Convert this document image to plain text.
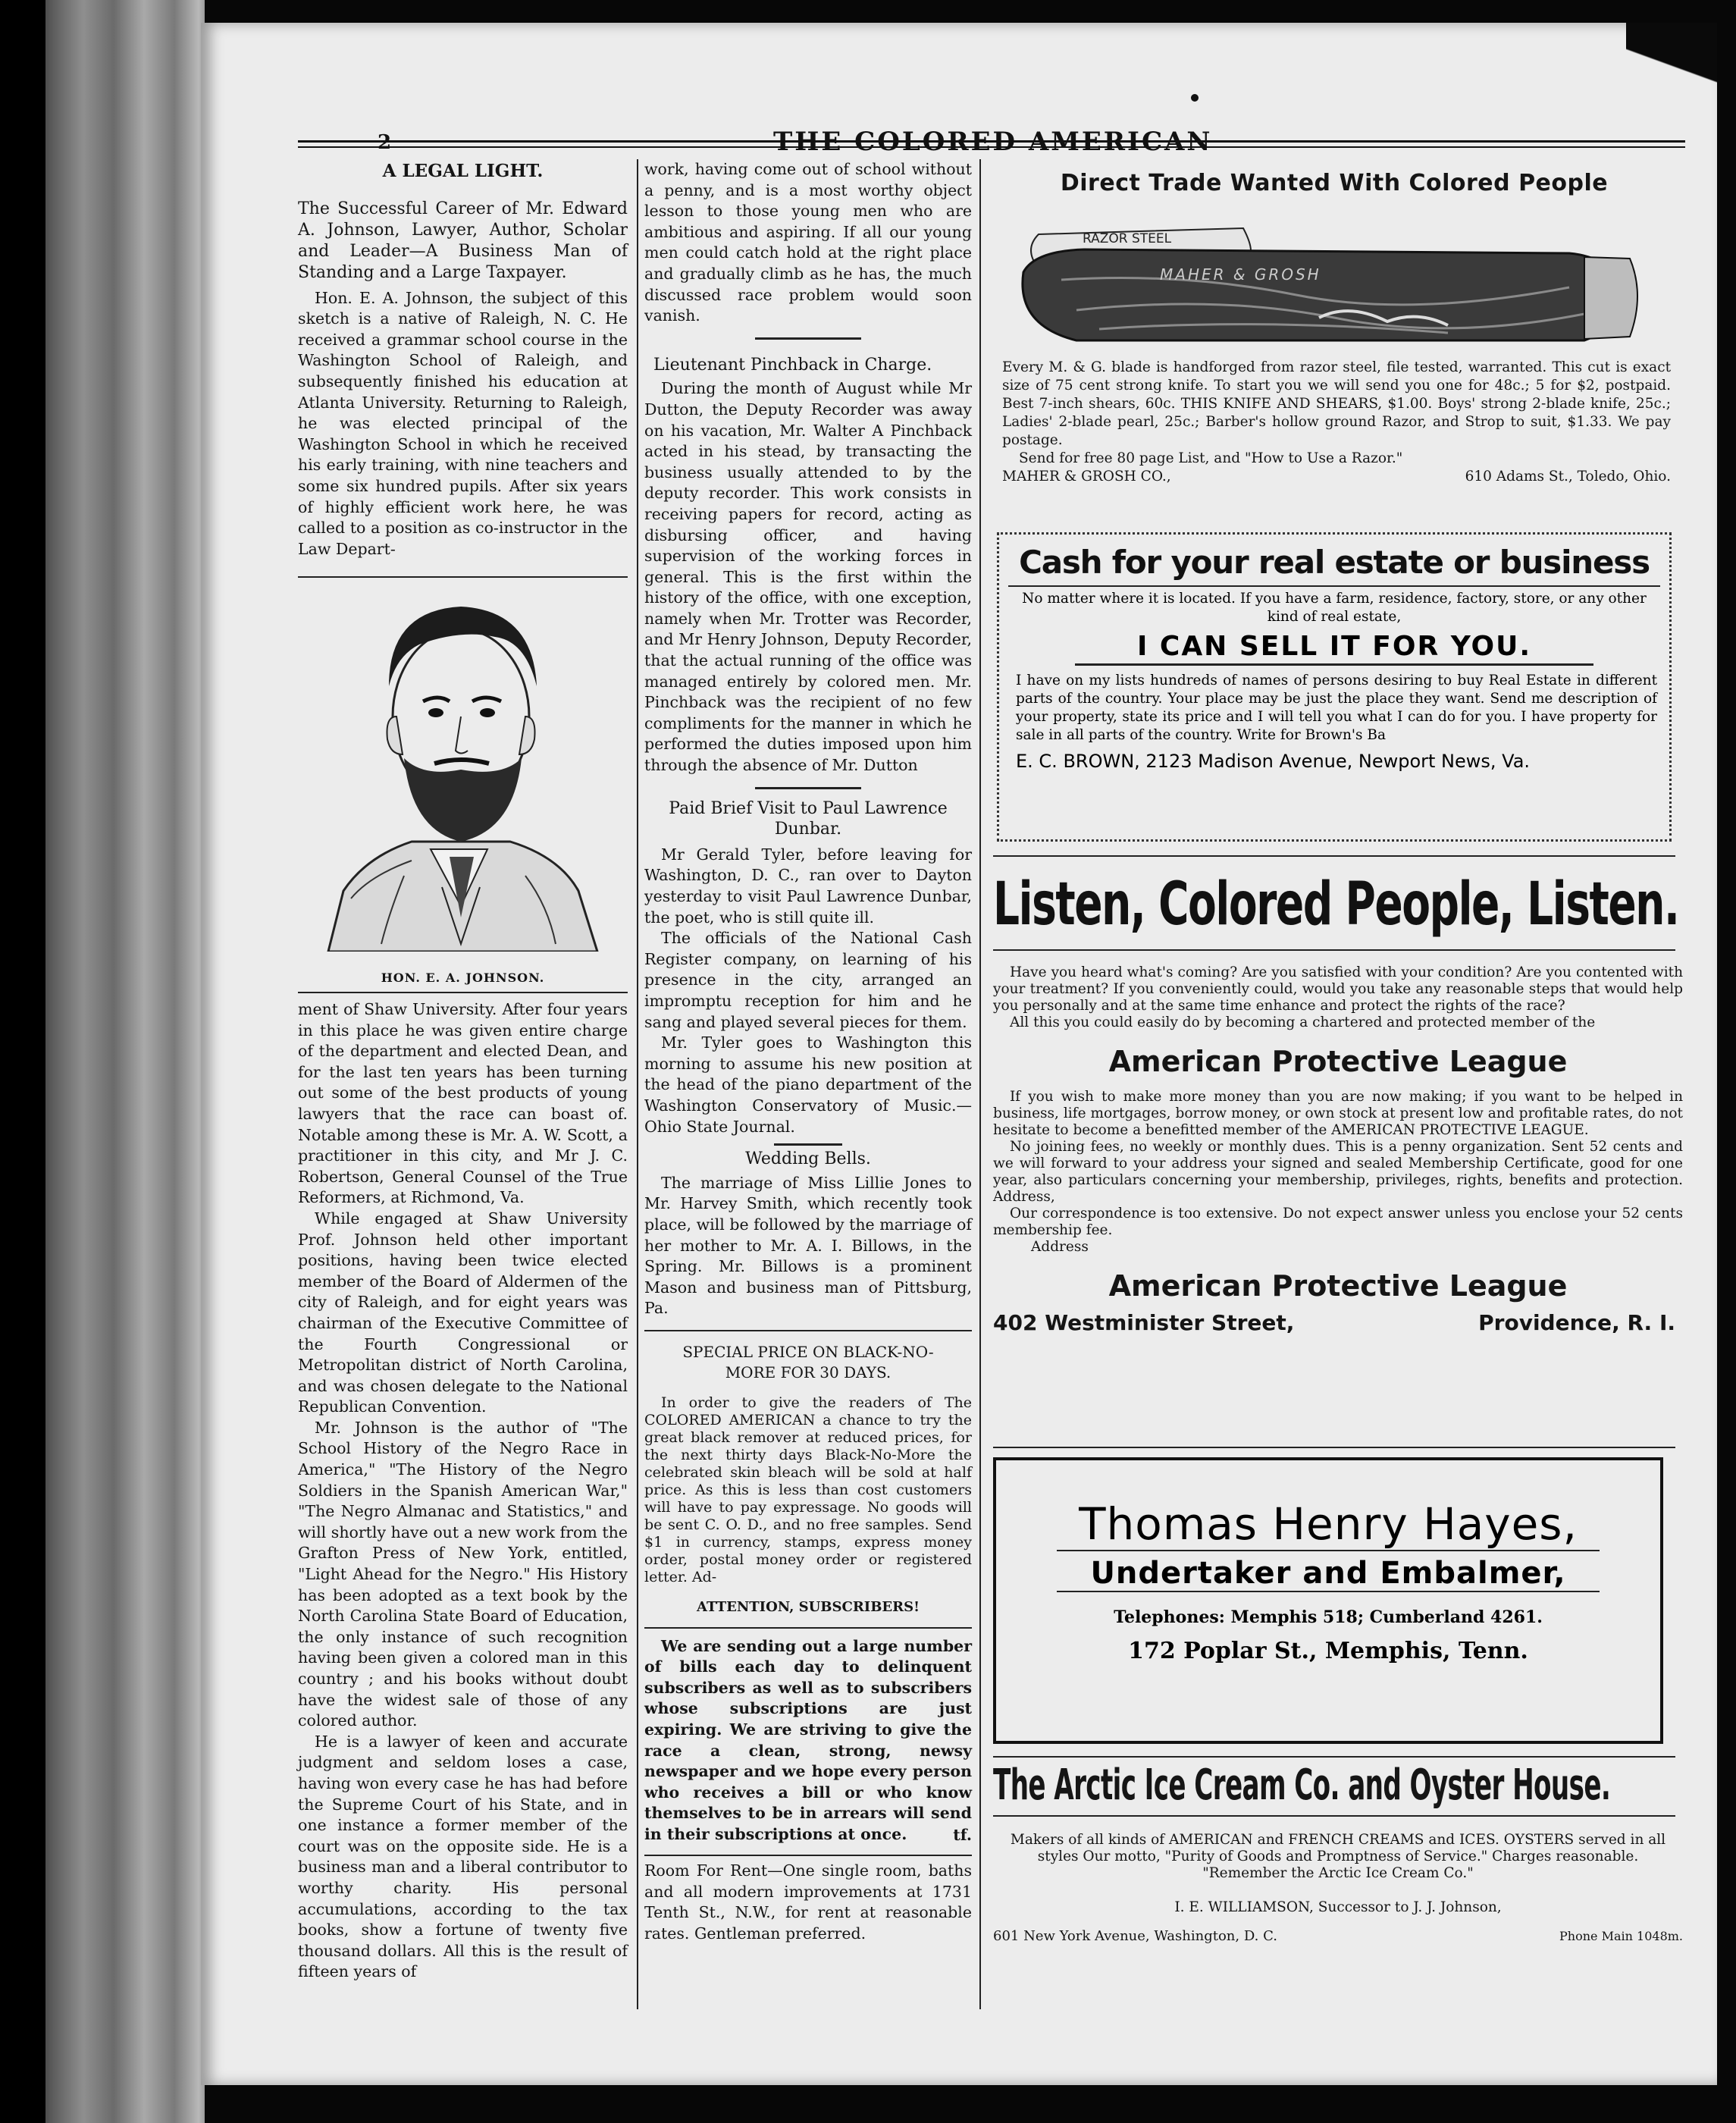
2	THE COLORED AMERICAN
A LEGAL LIGHT.

The Successful Career of Mr. Edward A. Johnson, Lawyer, Author, Scholar and Leader—A Business Man of Standing and a Large Taxpayer.

Hon. E. A. Johnson, the subject of this sketch is a native of Raleigh, N. C. He received a grammar school course in the Washington School of Raleigh, and subsequently finished his education at Atlanta University. Returning to Raleigh, he was elected principal of the Washington School in which he received his early training, with nine teachers and some six hundred pupils. After six years of highly efficient work here, he was called to a position as co-instructor in the Law Depart-

HON. E. A. JOHNSON.

ment of Shaw University. After four years in this place he was given entire charge of the department and elected Dean, and for the last ten years has been turning out some of the best products of young lawyers that the race can boast of. Notable among these is Mr. A. W. Scott, a practitioner in this city, and Mr J. C. Robertson, General Counsel of the True Reformers, at Richmond, Va.

While engaged at Shaw University Prof. Johnson held other important positions, having been twice elected member of the Board of Aldermen of the city of Raleigh, and for eight years was chairman of the Executive Committee of the Fourth Congressional or Metropolitan district of North Carolina, and was chosen delegate to the National Republican Convention.

Mr. Johnson is the author of "The School History of the Negro Race in America," "The History of the Negro Soldiers in the Spanish American War," "The Negro Almanac and Statistics," and will shortly have out a new work from the Grafton Press of New York, entitled, "Light Ahead for the Negro." His History has been adopted as a text book by the North Carolina State Board of Education, the only instance of such recognition having been given a colored man in this country ; and his books without doubt have the widest sale of those of any colored author.

He is a lawyer of keen and accurate judgment and seldom loses a case, having won every case he has had before the Supreme Court of his State, and in one instance a former member of the court was on the opposite side. He is a business man and a liberal contributor to worthy charity. His personal accumulations, according to the tax books, show a fortune of twenty five thousand dollars. All this is the result of fifteen years of

work, having come out of school without a penny, and is a most worthy object lesson to those young men who are ambitious and aspiring. If all our young men could catch hold at the right place and gradually climb as he has, the much discussed race problem would soon vanish.

Lieutenant Pinchback in Charge.

During the month of August while Mr Dutton, the Deputy Recorder was away on his vacation, Mr. Walter A Pinchback acted in his stead, by transacting the business usually attended to by the deputy recorder. This work consists in receiving papers for record, acting as disbursing officer, and having supervision of the working forces in general. This is the first within the history of the office, with one exception, namely when Mr. Trotter was Recorder, and Mr Henry Johnson, Deputy Recorder, that the actual running of the office was managed entirely by colored men. Mr. Pinchback was the recipient of no few compliments for the manner in which he performed the duties imposed upon him through the absence of Mr. Dutton

Paid Brief Visit to Paul Lawrence Dunbar.

Mr Gerald Tyler, before leaving for Washington, D. C., ran over to Dayton yesterday to visit Paul Lawrence Dunbar, the poet, who is still quite ill.

The officials of the National Cash Register company, on learning of his presence in the city, arranged an impromptu reception for him and he sang and played several pieces for them.

Mr. Tyler goes to Washington this morning to assume his new position at the head of the piano department of the Washington Conservatory of Music.—Ohio State Journal.

Wedding Bells.

The marriage of Miss Lillie Jones to Mr. Harvey Smith, which recently took place, will be followed by the marriage of her mother to Mr. A. I. Billows, in the Spring. Mr. Billows is a prominent Mason and business man of Pittsburg, Pa.

SPECIAL PRICE ON BLACK-NO-MORE FOR 30 DAYS.

In order to give the readers of The COLORED AMERICAN a chance to try the great black remover at reduced prices, for the next thirty days Black-No-More the celebrated skin bleach will be sold at half price. As this is less than cost customers will have to pay expressage. No goods will be sent C. O. D., and no free samples. Send $1 in currency, stamps, express money order, postal money order or registered letter. Ad-

ATTENTION, SUBSCRIBERS!

We are sending out a large number of bills each day to delinquent subscribers as well as to subscribers whose subscriptions are just expiring. We are striving to give the race a clean, strong, newsy newspaper and we hope every person who receives a bill or who know themselves to be in arrears will send in their subscriptions at once.	tf.

Room For Rent—One single room, baths and all modern improvements at 1731 Tenth St., N.W., for rent at reasonable rates. Gentleman preferred.

Direct Trade Wanted With Colored People
RAZOR STEEL
MAHER & GROSH
Every M. & G. blade is handforged from razor steel, file tested, warranted. This cut is exact size of 75 cent strong knife. To start you we will send you one for 48c.; 5 for $2, postpaid. Best 7-inch shears, 60c. THIS KNIFE AND SHEARS, $1.00. Boys' strong 2-blade knife, 25c.; Ladies' 2-blade pearl, 25c.; Barber's hollow ground Razor, and Strop to suit, $1.33. We pay postage.
Send for free 80 page List, and "How to Use a Razor."
MAHER & GROSH CO.,	610 Adams St., Toledo, Ohio.
Cash for your real estate or business
No matter where it is located. If you have a farm, residence, factory, store, or any other kind of real estate,
I CAN SELL IT FOR YOU.
I have on my lists hundreds of names of persons desiring to buy Real Estate in different parts of the country. Your place may be just the place they want. Send me description of your property, state its price and I will tell you what I can do for you. I have property for sale in all parts of the country. Write for Brown's Ba
E. C. BROWN, 2123 Madison Avenue, Newport News, Va.
Listen, Colored People, Listen.
Have you heard what's coming? Are you satisfied with your condition? Are you contented with your treatment? If you conveniently could, would you take any reasonable steps that would help you personally and at the same time enhance and protect the rights of the race?
All this you could easily do by becoming a chartered and protected member of the
American Protective League
If you wish to make more money than you are now making; if you want to be helped in business, life mortgages, borrow money, or own stock at present low and profitable rates, do not hesitate to become a benefitted member of the AMERICAN PROTECTIVE LEAGUE.
No joining fees, no weekly or monthly dues. This is a penny organization. Sent 52 cents and we will forward to your address your signed and sealed Membership Certificate, good for one year, also particulars concerning your membership, privileges, rights, benefits and protection. Address,
Our correspondence is too extensive. Do not expect answer unless you enclose your 52 cents membership fee.
Address
American Protective League
402 Westminister Street,	Providence, R. I.
Thomas Henry Hayes,
Undertaker and Embalmer,
Telephones: Memphis 518; Cumberland 4261.
172 Poplar St., Memphis, Tenn.
The Arctic Ice Cream Co. and Oyster House.
Makers of all kinds of AMERICAN and FRENCH CREAMS and ICES. OYSTERS served in all styles Our motto, "Purity of Goods and Promptness of Service." Charges reasonable. "Remember the Arctic Ice Cream Co."
I. E. WILLIAMSON, Successor to J. J. Johnson,
601 New York Avenue, Washington, D. C.	Phone Main 1048m.
